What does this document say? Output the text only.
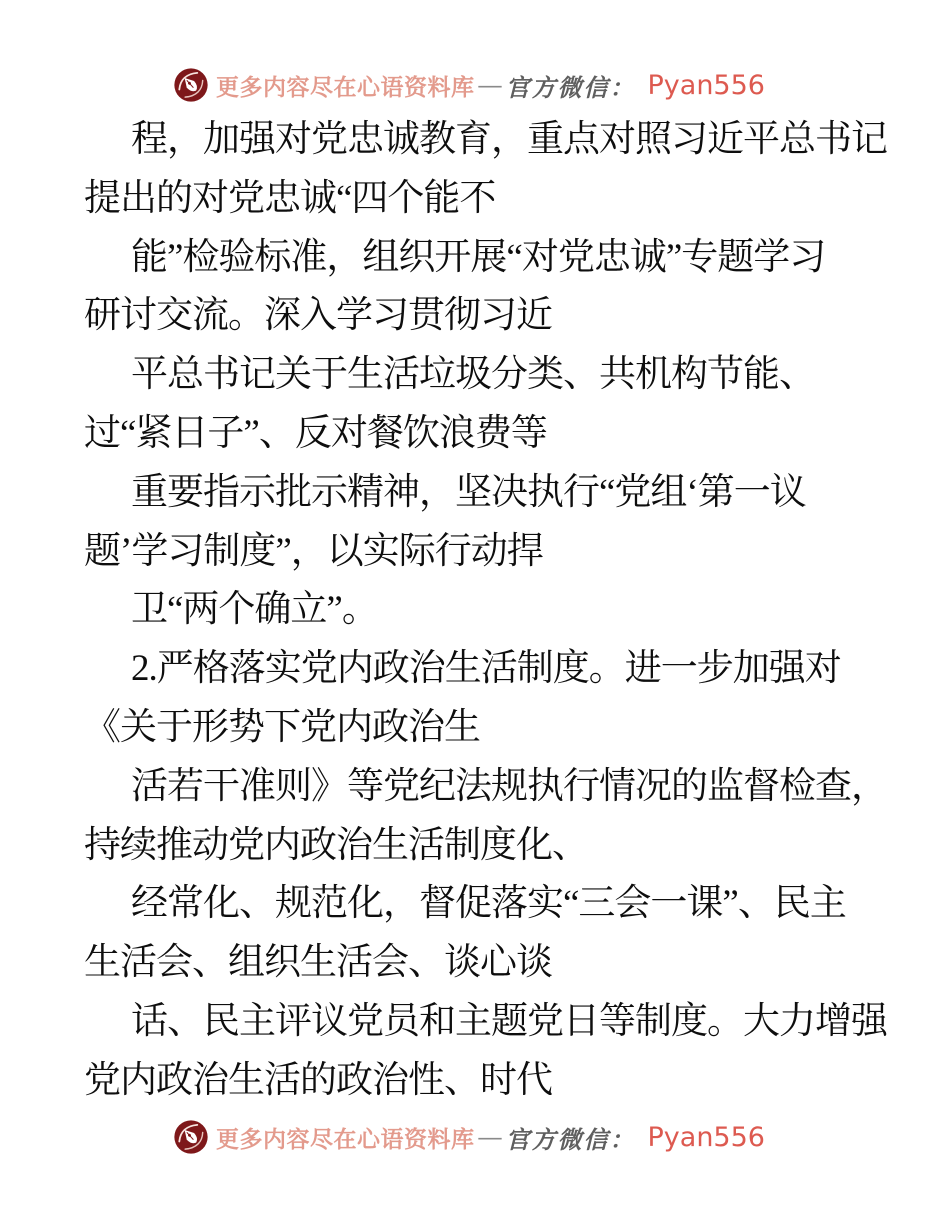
更多内容尽在心语资料库 — 官方微信： Pyan556
程，加强对党忠诚教育，重点对照习近平总书记
提出的对党忠诚“四个能不
能”检验标准，组织开展“对党忠诚”专题学习
研讨交流。深入学习贯彻习近
平总书记关于生活垃圾分类、共机构节能、
过“紧日子”、反对餐饮浪费等
重要指示批示精神，坚决执行“党组‘第一议
题’学习制度”，以实际行动捍
卫“两个确立”。
2.严格落实党内政治生活制度。进一步加强对
《关于形势下党内政治生
活若干准则》等党纪法规执行情况的监督检查，
持续推动党内政治生活制度化、
经常化、规范化，督促落实“三会一课”、民主
生活会、组织生活会、谈心谈
话、民主评议党员和主题党日等制度。大力增强
党内政治生活的政治性、时代
更多内容尽在心语资料库 — 官方微信： Pyan556
